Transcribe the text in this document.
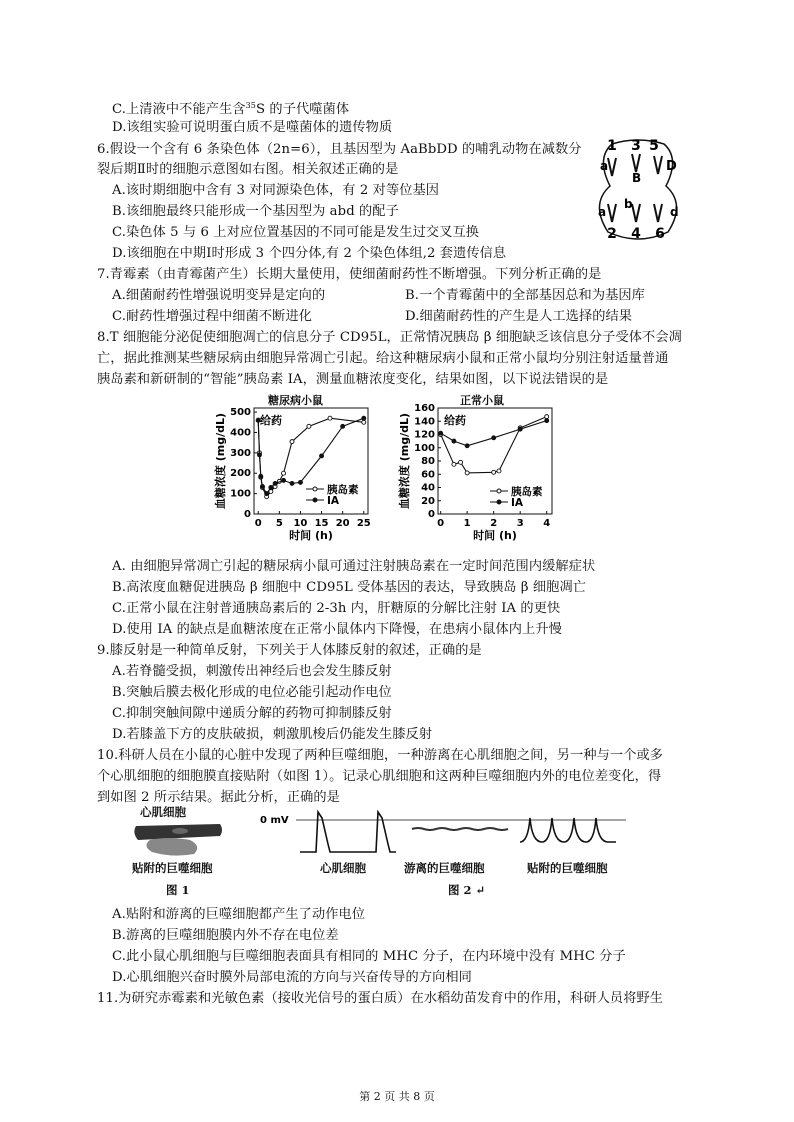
C.上清液中不能产生含$^{35}$S 的子代噬菌体
D.该组实验可说明蛋白质不是噬菌体的遗传物质
6.假设一个含有 6 条染色体（2n=6），且基因型为 AaBbDD 的哺乳动物在减数分
裂后期Ⅱ时的细胞示意图如右图。相关叙述正确的是
A.该时期细胞中含有 3 对同源染色体，有 2 对等位基因
B.该细胞最终只能形成一个基因型为 abd 的配子
C.染色体 5 与 6 上对应位置基因的不同可能是发生过交叉互换
D.该细胞在中期Ⅰ时形成 3 个四分体,有 2 个染色体组,2 套遗传信息
1 3 5
2 4 6
a
B
D
a
b
d
7.青霉素（由青霉菌产生）长期大量使用，使细菌耐药性不断增强。下列分析正确的是
A.细菌耐药性增强说明变异是定向的	B.一个青霉菌中的全部基因总和为基因库
C.耐药性增强过程中细菌不断进化	D.细菌耐药性的产生是人工选择的结果
8.T 细胞能分泌促使细胞凋亡的信息分子 CD95L，正常情况胰岛 β 细胞缺乏该信息分子受体不会凋
亡，据此推测某些糖尿病由细胞异常凋亡引起。给这种糖尿病小鼠和正常小鼠均分别注射适量普通
胰岛素和新研制的“智能”胰岛素 IA，测量血糖浓度变化，结果如图，以下说法错误的是
糖尿病小鼠	正常小鼠
0
100
200
300
400
500
0 5 10 15 20 25
时间 (h)
血糖浓度 (mg/dL)	给药
胰岛素
IA
0
20
40
60
80
100
120
140
160
0 1 2 3 4
时间 (h)
血糖浓度 (mg/dL)	给药
胰岛素
IA
A. 由细胞异常凋亡引起的糖尿病小鼠可通过注射胰岛素在一定时间范围内缓解症状
B.高浓度血糖促进胰岛 β 细胞中 CD95L 受体基因的表达，导致胰岛 β 细胞凋亡
C.正常小鼠在注射普通胰岛素后的 2-3h 内，肝糖原的分解比注射 IA 的更快
D.使用 IA 的缺点是血糖浓度在正常小鼠体内下降慢，在患病小鼠体内上升慢
9.膝反射是一种简单反射，下列关于人体膝反射的叙述，正确的是
A.若脊髓受损，刺激传出神经后也会发生膝反射
B.突触后膜去极化形成的电位必能引起动作电位
C.抑制突触间隙中递质分解的药物可抑制膝反射
D.若膝盖下方的皮肤破损，刺激肌梭后仍能发生膝反射
10.科研人员在小鼠的心脏中发现了两种巨噬细胞，一种游离在心肌细胞之间，另一种与一个或多
个心肌细胞的细胞膜直接贴附（如图 1）。记录心肌细胞和这两种巨噬细胞内外的电位差变化，得
到如图 2 所示结果。据此分析，正确的是
心肌细胞
贴附的巨噬细胞
图 1
0 mV
心肌细胞	游离的巨噬细胞	贴附的巨噬细胞
图 2 ↵
A.贴附和游离的巨噬细胞都产生了动作电位
B.游离的巨噬细胞膜内外不存在电位差
C.此小鼠心肌细胞与巨噬细胞表面具有相同的 MHC 分子，在内环境中没有 MHC 分子
D.心肌细胞兴奋时膜外局部电流的方向与兴奋传导的方向相同
11.为研究赤霉素和光敏色素（接收光信号的蛋白质）在水稻幼苗发育中的作用，科研人员将野生
第 2 页 共 8 页
